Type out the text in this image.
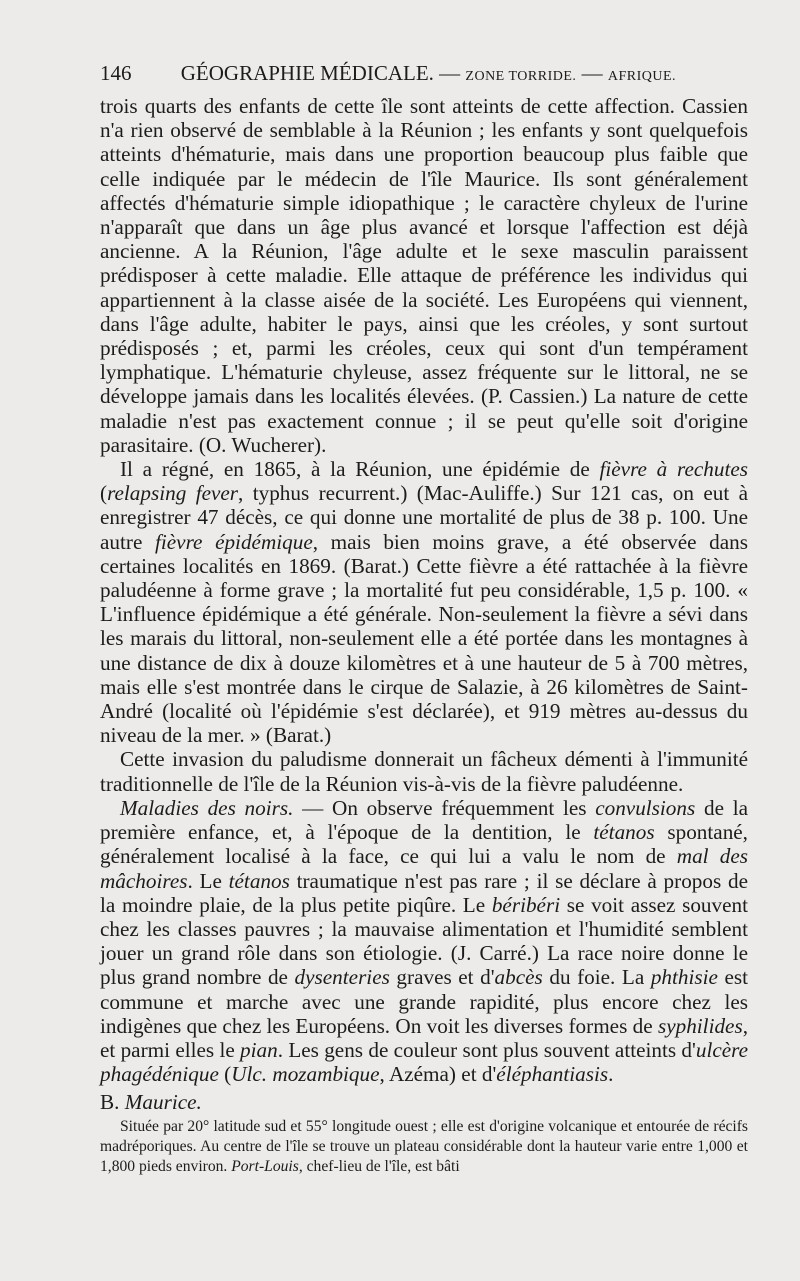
146 GÉOGRAPHIE MÉDICALE. — ZONE TORRIDE. — AFRIQUE.

trois quarts des enfants de cette île sont atteints de cette affection. Cassien n'a rien observé de semblable à la Réunion ; les enfants y sont quelquefois atteints d'hématurie, mais dans une proportion beaucoup plus faible que celle indiquée par le médecin de l'île Maurice. Ils sont généralement affectés d'hématurie simple idiopathique ; le caractère chyleux de l'urine n'apparaît que dans un âge plus avancé et lorsque l'affection est déjà ancienne. A la Réunion, l'âge adulte et le sexe masculin paraissent prédisposer à cette maladie. Elle attaque de préférence les individus qui appartiennent à la classe aisée de la société. Les Européens qui viennent, dans l'âge adulte, habiter le pays, ainsi que les créoles, y sont surtout prédisposés ; et, parmi les créoles, ceux qui sont d'un tempérament lymphatique. L'hématurie chyleuse, assez fréquente sur le littoral, ne se développe jamais dans les localités élevées. (P. Cassien.) La nature de cette maladie n'est pas exactement connue ; il se peut qu'elle soit d'origine parasitaire. (O. Wucherer).

Il a régné, en 1865, à la Réunion, une épidémie de fièvre à rechutes (relapsing fever, typhus recurrent.) (Mac-Auliffe.) Sur 121 cas, on eut à enregistrer 47 décès, ce qui donne une mortalité de plus de 38 p. 100. Une autre fièvre épidémique, mais bien moins grave, a été observée dans certaines localités en 1869. (Barat.) Cette fièvre a été rattachée à la fièvre paludéenne à forme grave ; la mortalité fut peu considérable, 1,5 p. 100. « L'influence épidémique a été générale. Non-seulement la fièvre a sévi dans les marais du littoral, non-seulement elle a été portée dans les montagnes à une distance de dix à douze kilomètres et à une hauteur de 5 à 700 mètres, mais elle s'est montrée dans le cirque de Salazie, à 26 kilomètres de Saint-André (localité où l'épidémie s'est déclarée), et 919 mètres au-dessus du niveau de la mer. » (Barat.)

Cette invasion du paludisme donnerait un fâcheux démenti à l'immunité traditionnelle de l'île de la Réunion vis-à-vis de la fièvre paludéenne.

Maladies des noirs. — On observe fréquemment les convulsions de la première enfance, et, à l'époque de la dentition, le tétanos spontané, généralement localisé à la face, ce qui lui a valu le nom de mal des mâchoires. Le tétanos traumatique n'est pas rare ; il se déclare à propos de la moindre plaie, de la plus petite piqûre. Le béribéri se voit assez souvent chez les classes pauvres ; la mauvaise alimentation et l'humidité semblent jouer un grand rôle dans son étiologie. (J. Carré.) La race noire donne le plus grand nombre de dysenteries graves et d'abcès du foie. La phthisie est commune et marche avec une grande rapidité, plus encore chez les indigènes que chez les Européens. On voit les diverses formes de syphilides, et parmi elles le pian. Les gens de couleur sont plus souvent atteints d'ulcère phagédénique (Ulc. mozambique, Azéma) et d'éléphantiasis.

B. Maurice.

Située par 20° latitude sud et 55° longitude ouest ; elle est d'origine volcanique et entourée de récifs madréporiques. Au centre de l'île se trouve un plateau considérable dont la hauteur varie entre 1,000 et 1,800 pieds environ. Port-Louis, chef-lieu de l'île, est bâti
